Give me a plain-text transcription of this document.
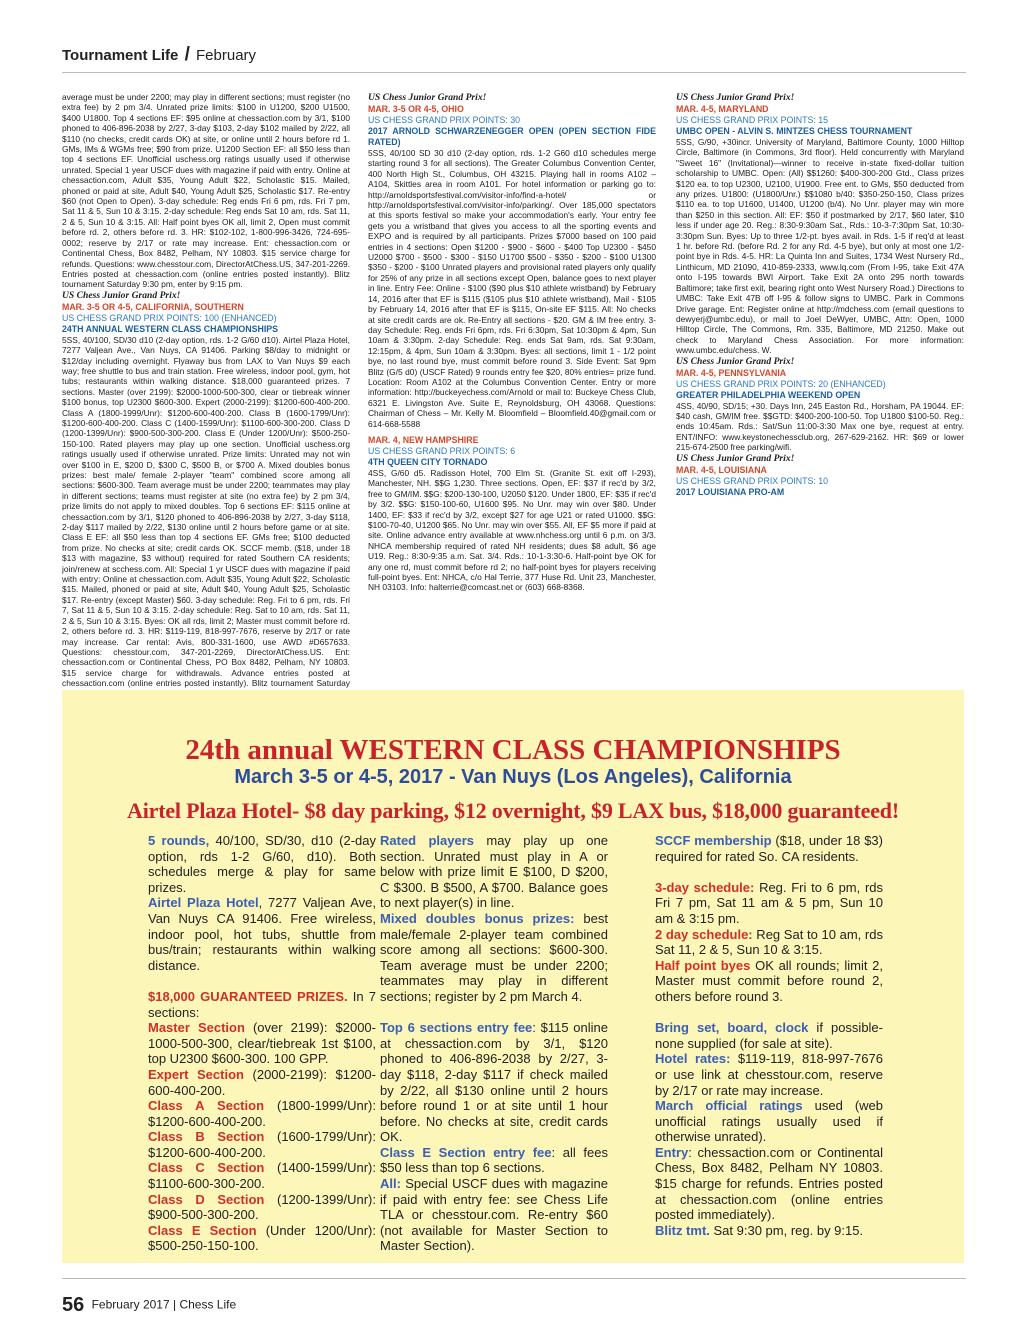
Tournament Life / February

average must be under 2200; may play in different sections; must register (no extra fee) by 2 pm 3/4. Unrated prize limits: $100 in U1200, $200 U1500, $400 U1800. Top 4 sections EF: $95 online at chessaction.com by 3/1, $100 phoned to 406-896-2038 by 2/27, 3-day $103, 2-day $102 mailed by 2/22, all $110 (no checks, credit cards OK) at site, or online until 2 hours before rd 1. GMs, IMs & WGMs free; $90 from prize. U1200 Section EF: all $50 less than top 4 sections EF. Unofficial uschess.org ratings usually used if otherwise unrated. Special 1 year USCF dues with magazine if paid with entry. Online at chessaction.com, Adult $35, Young Adult $22, Scholastic $15. Mailed, phoned or paid at site, Adult $40, Young Adult $25, Scholastic $17. Re-entry $60 (not Open to Open). 3-day schedule: Reg ends Fri 6 pm, rds. Fri 7 pm, Sat 11 & 5, Sun 10 & 3:15. 2-day schedule: Reg ends Sat 10 am, rds. Sat 11, 2 & 5, Sun 10 & 3:15. All: Half point byes OK all, limit 2, Open must commit before rd. 2, others before rd. 3. HR: $102-102, 1-800-996-3426, 724-695-0002; reserve by 2/17 or rate may increase. Ent: chessaction.com or Continental Chess, Box 8482, Pelham, NY 10803. $15 service charge for refunds. Questions: www.chesstour.com, DirectorAtChess.US, 347-201-2269. Entries posted at chessaction.com (online entries posted instantly). Blitz tournament Saturday 9:30 pm, enter by 9:15 pm.

US Chess Junior Grand Prix!

MAR. 3-5 OR 4-5, CALIFORNIA, SOUTHERN

US CHESS GRAND PRIX POINTS: 100 (ENHANCED)

24TH ANNUAL WESTERN CLASS CHAMPIONSHIPS

5SS, 40/100, SD/30 d10 (2-day option, rds. 1-2 G/60 d10). Airtel Plaza Hotel, 7277 Valjean Ave., Van Nuys, CA 91406. Parking $8/day to midnight or $12/day including overnight. Flyaway bus from LAX to Van Nuys $9 each way; free shuttle to bus and train station. Free wireless, indoor pool, gym, hot tubs; restaurants within walking distance. $18,000 guaranteed prizes. 7 sections. Master (over 2199): $2000-1000-500-300, clear or tiebreak winner $100 bonus, top U2300 $600-300. Expert (2000-2199): $1200-600-400-200. Class A (1800-1999/Unr): $1200-600-400-200. Class B (1600-1799/Unr): $1200-600-400-200. Class C (1400-1599/Unr): $1100-600-300-200. Class D (1200-1399/Unr): $900-500-300-200. Class E (Under 1200/Unr): $500-250-150-100. Rated players may play up one section. Unofficial uschess.org ratings usually used if otherwise unrated. Prize limits: Unrated may not win over $100 in E, $200 D, $300 C, $500 B, or $700 A. Mixed doubles bonus prizes: best male/ female 2-player "team" combined score among all sections: $600-300. Team average must be under 2200; teammates may play in different sections; teams must register at site (no extra fee) by 2 pm 3/4, prize limits do not apply to mixed doubles. Top 6 sections EF: $115 online at chessaction.com by 3/1, $120 phoned to 406-896-2038 by 2/27, 3-day $118, 2-day $117 mailed by 2/22, $130 online until 2 hours before game or at site. Class E EF: all $50 less than top 4 sections EF. GMs free; $100 deducted from prize. No checks at site; credit cards OK. SCCF memb. ($18, under 18 $13 with magazine, $3 without) required for rated Southern CA residents; join/renew at scchess.com. All: Special 1 yr USCF dues with magazine if paid with entry: Online at chessaction.com. Adult $35, Young Adult $22, Scholastic $15. Mailed, phoned or paid at site, Adult $40, Young Adult $25, Scholastic $17. Re-entry (except Master) $60. 3-day schedule: Reg. Fri to 6 pm, rds. Fri 7, Sat 11 & 5, Sun 10 & 3:15. 2-day schedule: Reg. Sat to 10 am, rds. Sat 11, 2 & 5, Sun 10 & 3:15. Byes: OK all rds, limit 2; Master must commit before rd. 2, others before rd. 3. HR: $119-119, 818-997-7676, reserve by 2/17 or rate may increase. Car rental: Avis, 800-331-1600, use AWD #D657633. Questions: chesstour.com, 347-201-2269, DirectorAtChess.US. Ent: chessaction.com or Continental Chess, PO Box 8482, Pelham, NY 10803. $15 service charge for withdrawals. Advance entries posted at chessaction.com (online entries posted instantly). Blitz tournament Saturday

US Chess Junior Grand Prix!

MAR. 3-5 OR 4-5, OHIO

US CHESS GRAND PRIX POINTS: 30

2017 ARNOLD SCHWARZENEGGER OPEN (OPEN SECTION FIDE RATED)

5SS, 40/100 SD 30 d10 (2-day option, rds. 1-2 G60 d10 schedules merge starting round 3 for all sections). The Greater Columbus Convention Center, 400 North High St., Columbus, OH 43215. Playing hall in rooms A102 – A104, Skittles area in room A101. For hotel information or parking go to: http://arnoldsportsfestival.com/visitor-info/find-a-hotel/ or http://arnoldsportsfestival.com/visitor-info/parking/. Over 185,000 spectators at this sports festival so make your accommodation's early. Your entry fee gets you a wristband that gives you access to all the sporting events and EXPO and is required by all participants. Prizes $7000 based on 100 paid entries in 4 sections: Open $1200 - $900 - $600 - $400 Top U2300 - $450 U2000 $700 - $500 - $300 - $150 U1700 $500 - $350 - $200 - $100 U1300 $350 - $200 - $100 Unrated players and provisional rated players only qualify for 25% of any prize in all sections except Open, balance goes to next player in line. Entry Fee: Online - $100 ($90 plus $10 athlete wristband) by February 14, 2016 after that EF is $115 ($105 plus $10 athlete wristband), Mail - $105 by February 14, 2016 after that EF is $115, On-site EF $115. All: No checks at site credit cards are ok. Re-Entry all sections - $20. GM & IM free entry. 3-day Schedule: Reg. ends Fri 6pm, rds. Fri 6:30pm, Sat 10:30pm & 4pm, Sun 10am & 3:30pm. 2-day Schedule: Reg. ends Sat 9am, rds. Sat 9:30am, 12:15pm, & 4pm, Sun 10am & 3:30pm. Byes: all sections, limit 1 - 1/2 point bye, no last round bye, must commit before round 3. Side Event: Sat 9pm Blitz (G/5 d0) (USCF Rated) 9 rounds entry fee $20, 80% entries= prize fund. Location: Room A102 at the Columbus Convention Center. Entry or more information: http://buckeyechess.com/Arnold or mail to: Buckeye Chess Club, 6321 E. Livingston Ave. Suite E, Reynoldsburg, OH 43068. Questions: Chairman of Chess – Mr. Kelly M. Bloomfield – Bloomfield.40@gmail.com or 614-668-5588

MAR. 4, NEW HAMPSHIRE

US CHESS GRAND PRIX POINTS: 6

4TH QUEEN CITY TORNADO

4SS, G/60 d5. Radisson Hotel, 700 Elm St. (Granite St. exit off I-293), Manchester, NH. $$G 1,230. Three sections. Open, EF: $37 if rec'd by 3/2, free to GM/IM. $$G: $200-130-100, U2050 $120. Under 1800, EF: $35 if rec'd by 3/2. $$G: $150-100-60, U1600 $95. No Unr. may win over $80. Under 1400, EF: $33 if rec'd by 3/2, except $27 for age U21 or rated U1000. $$G: $100-70-40, U1200 $65. No Unr. may win over $55. All, EF $5 more if paid at site. Online advance entry available at www.nhchess.org until 6 p.m. on 3/3. NHCA membership required of rated NH residents; dues $8 adult, $6 age U19. Reg.: 8:30-9:35 a.m. Sat. 3/4. Rds.: 10-1-3:30-6. Half-point bye OK for any one rd, must commit before rd 2; no half-point byes for players receiving full-point byes. Ent: NHCA, c/o Hal Terrie, 377 Huse Rd. Unit 23, Manchester, NH 03103. Info: halterrie@comcast.net or (603) 668-8368.

US Chess Junior Grand Prix!

MAR. 4-5, MARYLAND

US CHESS GRAND PRIX POINTS: 15

UMBC OPEN - ALVIN S. MINTZES CHESS TOURNAMENT

5SS, G/90, +30incr. University of Maryland, Baltimore County, 1000 Hilltop Circle, Baltimore (in Commons, 3rd floor). Held concurrently with Maryland "Sweet 16" (Invitational)—winner to receive in-state fixed-dollar tuition scholarship to UMBC. Open: (All) $$1260: $400-300-200 Gtd., Class prizes $120 ea. to top U2300, U2100, U1900. Free ent. to GMs, $50 deducted from any prizes. U1800: (U1800/Unr.) $$1080 b/40: $350-250-150, Class prizes $110 ea. to top U1600, U1400, U1200 (b/4). No Unr. player may win more than $250 in this section. All: EF: $50 if postmarked by 2/17, $60 later, $10 less if under age 20. Reg.: 8:30-9:30am Sat., Rds.: 10-3-7:30pm Sat, 10:30-3:30pm Sun. Byes: Up to three 1/2-pt. byes avail. in Rds. 1-5 if req'd at least 1 hr. before Rd. (before Rd. 2 for any Rd. 4-5 bye), but only at most one 1/2-point bye in Rds. 4-5. HR: La Quinta Inn and Suites, 1734 West Nursery Rd., Linthicum, MD 21090, 410-859-2333, www.lq.com (From I-95, take Exit 47A onto I-195 towards BWI Airport. Take Exit 2A onto 295 north towards Baltimore; take first exit, bearing right onto West Nursery Road.) Directions to UMBC: Take Exit 47B off I-95 & follow signs to UMBC. Park in Commons Drive garage. Ent: Register online at http://mdchess.com (email questions to dewyerj@umbc.edu), or mail to Joel DeWyer, UMBC, Attn: Open, 1000 Hilltop Circle, The Commons, Rm. 335, Baltimore, MD 21250. Make out check to Maryland Chess Association. For more information: www.umbc.edu/chess. W.

US Chess Junior Grand Prix!

MAR. 4-5, PENNSYLVANIA

US CHESS GRAND PRIX POINTS: 20 (ENHANCED)

GREATER PHILADELPHIA WEEKEND OPEN

4SS, 40/90, SD/15; +30. Days Inn, 245 Easton Rd., Horsham, PA 19044. EF: $40 cash, GM/IM free. $$GTD: $400-200-100-50. Top U1800 $100-50. Reg.: ends 10:45am. Rds.: Sat/Sun 11:00-3:30 Max one bye, request at entry. ENT/INFO: www.keystonechessclub.org, 267-629-2162. HR: $69 or lower 215-674-2500 free parking/wifi.

US Chess Junior Grand Prix!

MAR. 4-5, LOUISIANA

US CHESS GRAND PRIX POINTS: 10

2017 LOUISIANA PRO-AM

24th annual WESTERN CLASS CHAMPIONSHIPS
March 3-5 or 4-5, 2017 - Van Nuys (Los Angeles), California
Airtel Plaza Hotel- $8 day parking, $12 overnight, $9 LAX bus, $18,000 guaranteed!

5 rounds, 40/100, SD/30, d10 (2-day option, rds 1-2 G/60, d10). Both schedules merge & play for same prizes.

Airtel Plaza Hotel, 7277 Valjean Ave, Van Nuys CA 91406. Free wireless, indoor pool, hot tubs, shuttle from bus/train; restaurants within walking distance.

$18,000 GUARANTEED PRIZES. In 7 sections:

Master Section (over 2199): $2000-1000-500-300, clear/tiebreak 1st $100, top U2300 $600-300. 100 GPP.

Expert Section (2000-2199): $1200-600-400-200.

Class A Section (1800-1999/Unr): $1200-600-400-200.

Class B Section (1600-1799/Unr): $1200-600-400-200.

Class C Section (1400-1599/Unr): $1100-600-300-200.

Class D Section (1200-1399/Unr): $900-500-300-200.

Class E Section (Under 1200/Unr): $500-250-150-100.

Rated players may play up one section. Unrated must play in A or below with prize limit E $100, D $200, C $300. B $500, A $700. Balance goes to next player(s) in line.

Mixed doubles bonus prizes: best male/female 2-player team combined score among all sections: $600-300. Team average must be under 2200; teammates may play in different sections; register by 2 pm March 4.

Top 6 sections entry fee: $115 online at chessaction.com by 3/1, $120 phoned to 406-896-2038 by 2/27, 3-day $118, 2-day $117 if check mailed by 2/22, all $130 online until 2 hours before round 1 or at site until 1 hour before. No checks at site, credit cards OK.

Class E Section entry fee: all fees $50 less than top 6 sections.

All: Special USCF dues with magazine if paid with entry fee: see Chess Life TLA or chesstour.com. Re-entry $60 (not available for Master Section to Master Section).

SCCF membership ($18, under 18 $3) required for rated So. CA residents.

3-day schedule: Reg. Fri to 6 pm, rds Fri 7 pm, Sat 11 am & 5 pm, Sun 10 am & 3:15 pm.

2 day schedule: Reg Sat to 10 am, rds Sat 11, 2 & 5, Sun 10 & 3:15.

Half point byes OK all rounds; limit 2, Master must commit before round 2, others before round 3.

Bring set, board, clock if possible- none supplied (for sale at site).

Hotel rates: $119-119, 818-997-7676 or use link at chesstour.com, reserve by 2/17 or rate may increase.

March official ratings used (web unofficial ratings usually used if otherwise unrated).

Entry: chessaction.com or Continental Chess, Box 8482, Pelham NY 10803. $15 charge for refunds. Entries posted at chessaction.com (online entries posted immediately).

Blitz tmt. Sat 9:30 pm, reg. by 9:15.

56 February 2017 | Chess Life
